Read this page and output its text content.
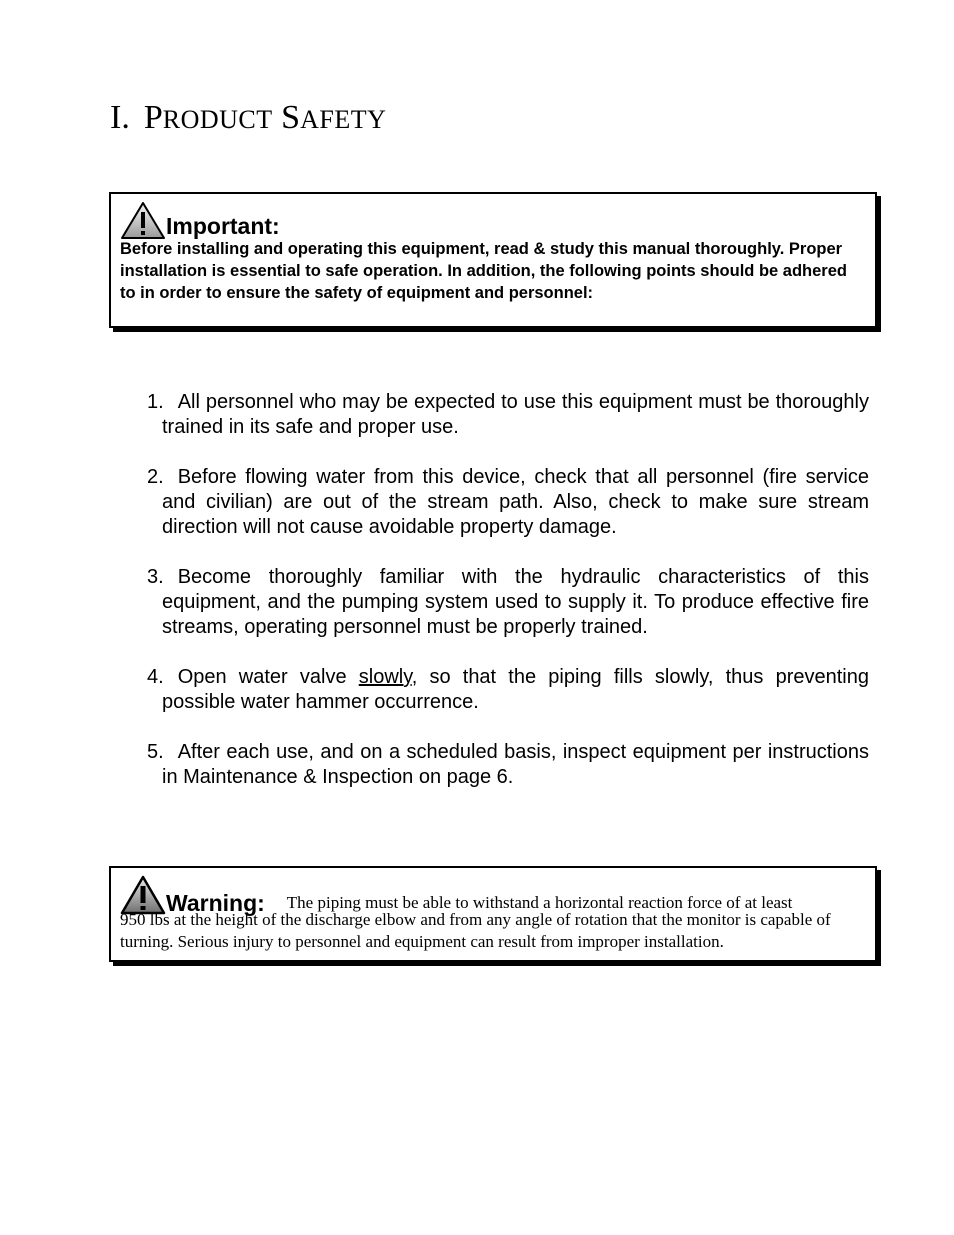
I. PRODUCT SAFETY
Important:
Before installing and operating this equipment, read & study this manual thoroughly. Proper installation is essential to safe operation. In addition, the following points should be adhered to in order to ensure the safety of equipment and personnel:
1. All personnel who may be expected to use this equipment must be thoroughly trained in its safe and proper use.
2. Before flowing water from this device, check that all personnel (fire service and civilian) are out of the stream path. Also, check to make sure stream direction will not cause avoidable property damage.
3. Become thoroughly familiar with the hydraulic characteristics of this equipment, and the pumping system used to supply it. To produce effective fire streams, operating personnel must be properly trained.
4. Open water valve slowly, so that the piping fills slowly, thus preventing possible water hammer occurrence.
5. After each use, and on a scheduled basis, inspect equipment per instructions in Maintenance & Inspection on page 6.
Warning: The piping must be able to withstand a horizontal reaction force of at least
950 lbs at the height of the discharge elbow and from any angle of rotation that the monitor is capable of turning. Serious injury to personnel and equipment can result from improper installation.
